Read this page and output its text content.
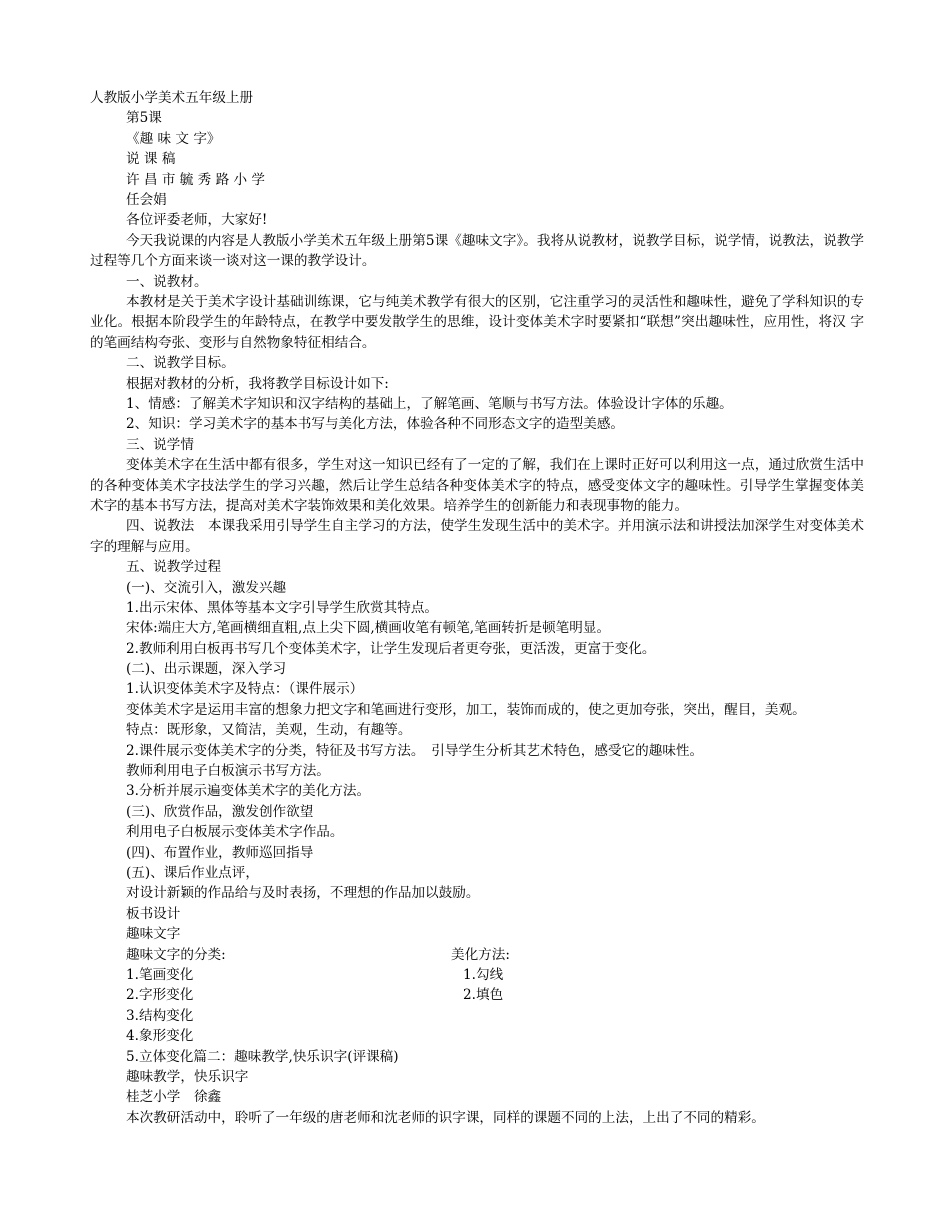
人教版小学美术五年级上册
第5课
《趣 味 文 字》
说 课 稿
许 昌 市 毓 秀 路 小 学
任会娟
各位评委老师，大家好!
今天我说课的内容是人教版小学美术五年级上册第5课《趣味文字》。我将从说教材，说教学目标，说学情，说教法，说教学过程等几个方面来谈一谈对这一课的教学设计。
一、说教材。
本教材是关于美术字设计基础训练课，它与纯美术教学有很大的区别，它注重学习的灵活性和趣味性，避免了学科知识的专业化。根据本阶段学生的年龄特点，在教学中要发散学生的思维，设计变体美术字时要紧扣“联想”突出趣味性，应用性，将汉 字的笔画结构夸张、变形与自然物象特征相结合。
二、说教学目标。
根据对教材的分析，我将教学目标设计如下:
1、情感：了解美术字知识和汉字结构的基础上，了解笔画、笔顺与书写方法。体验设计字体的乐趣。
2、知识：学习美术字的基本书写与美化方法，体验各种不同形态文字的造型美感。
三、说学情
变体美术字在生活中都有很多，学生对这一知识已经有了一定的了解，我们在上课时正好可以利用这一点，通过欣赏生活中的各种变体美术字技法学生的学习兴趣，然后让学生总结各种变体美术字的特点，感受变体文字的趣味性。引导学生掌握变体美术字的基本书写方法，提高对美术字装饰效果和美化效果。培养学生的创新能力和表现事物的能力。
四、说教法　本课我采用引导学生自主学习的方法，使学生发现生活中的美术字。并用演示法和讲授法加深学生对变体美术字的理解与应用。
五、说教学过程
(一)、交流引入，激发兴趣
1.出示宋体、黑体等基本文字引导学生欣赏其特点。
宋体:端庄大方,笔画横细直粗,点上尖下圆,横画收笔有顿笔,笔画转折是顿笔明显。
2.教师利用白板再书写几个变体美术字，让学生发现后者更夸张，更活泼，更富于变化。
(二)、出示课题，深入学习
1.认识变体美术字及特点：（课件展示）
变体美术字是运用丰富的想象力把文字和笔画进行变形，加工，装饰而成的，使之更加夸张，突出，醒目，美观。
特点：既形象，又简洁，美观，生动，有趣等。
2.课件展示变体美术字的分类，特征及书写方法。　引导学生分析其艺术特色，感受它的趣味性。
教师利用电子白板演示书写方法。
3.分析并展示遍变体美术字的美化方法。
(三)、欣赏作品，激发创作欲望
利用电子白板展示变体美术字作品。
(四)、布置作业，教师巡回指导
(五)、课后作业点评，
对设计新颖的作品给与及时表扬，不理想的作品加以鼓励。
板书设计
趣味文字
趣味文字的分类:	美化方法:
1.笔画变化	1.勾线
2.字形变化	2.填色
3.结构变化
4.象形变化
5.立体变化篇二：趣味教学,快乐识字(评课稿)
趣味教学，快乐识字
桂芝小学　徐鑫
本次教研活动中，聆听了一年级的唐老师和沈老师的识字课，同样的课题不同的上法，上出了不同的精彩。
